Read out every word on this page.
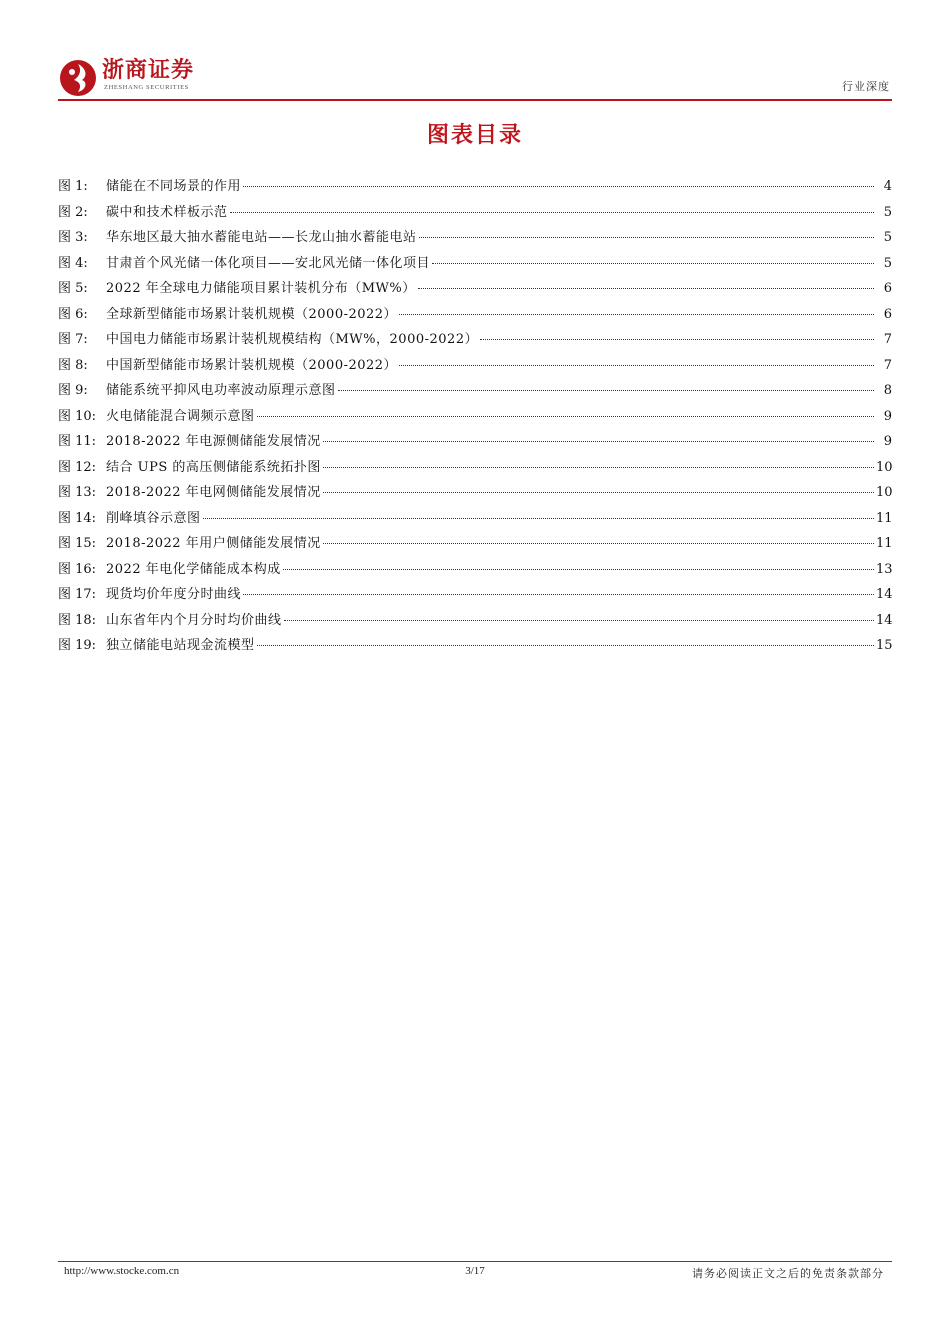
浙商证券
ZHESHANG SECURITIES	行业深度
图表目录
图 1:	储能在不同场景的作用	4
图 2:	碳中和技术样板示范	5
图 3:	华东地区最大抽水蓄能电站——长龙山抽水蓄能电站	5
图 4:	甘肃首个风光储一体化项目——安北风光储一体化项目	5
图 5:	2022 年全球电力储能项目累计装机分布（MW%）	6
图 6:	全球新型储能市场累计装机规模（2000-2022）	6
图 7:	中国电力储能市场累计装机规模结构（MW%，2000-2022）	7
图 8:	中国新型储能市场累计装机规模（2000-2022）	7
图 9:	储能系统平抑风电功率波动原理示意图	8
图 10: 火电储能混合调频示意图	9
图 11: 2018-2022 年电源侧储能发展情况	9
图 12: 结合 UPS 的高压侧储能系统拓扑图	10
图 13: 2018-2022 年电网侧储能发展情况	10
图 14: 削峰填谷示意图	11
图 15: 2018-2022 年用户侧储能发展情况	11
图 16: 2022 年电化学储能成本构成	13
图 17: 现货均价年度分时曲线	14
图 18: 山东省年内个月分时均价曲线	14
图 19: 独立储能电站现金流模型	15
http://www.stocke.com.cn	3/17	请务必阅读正文之后的免责条款部分
